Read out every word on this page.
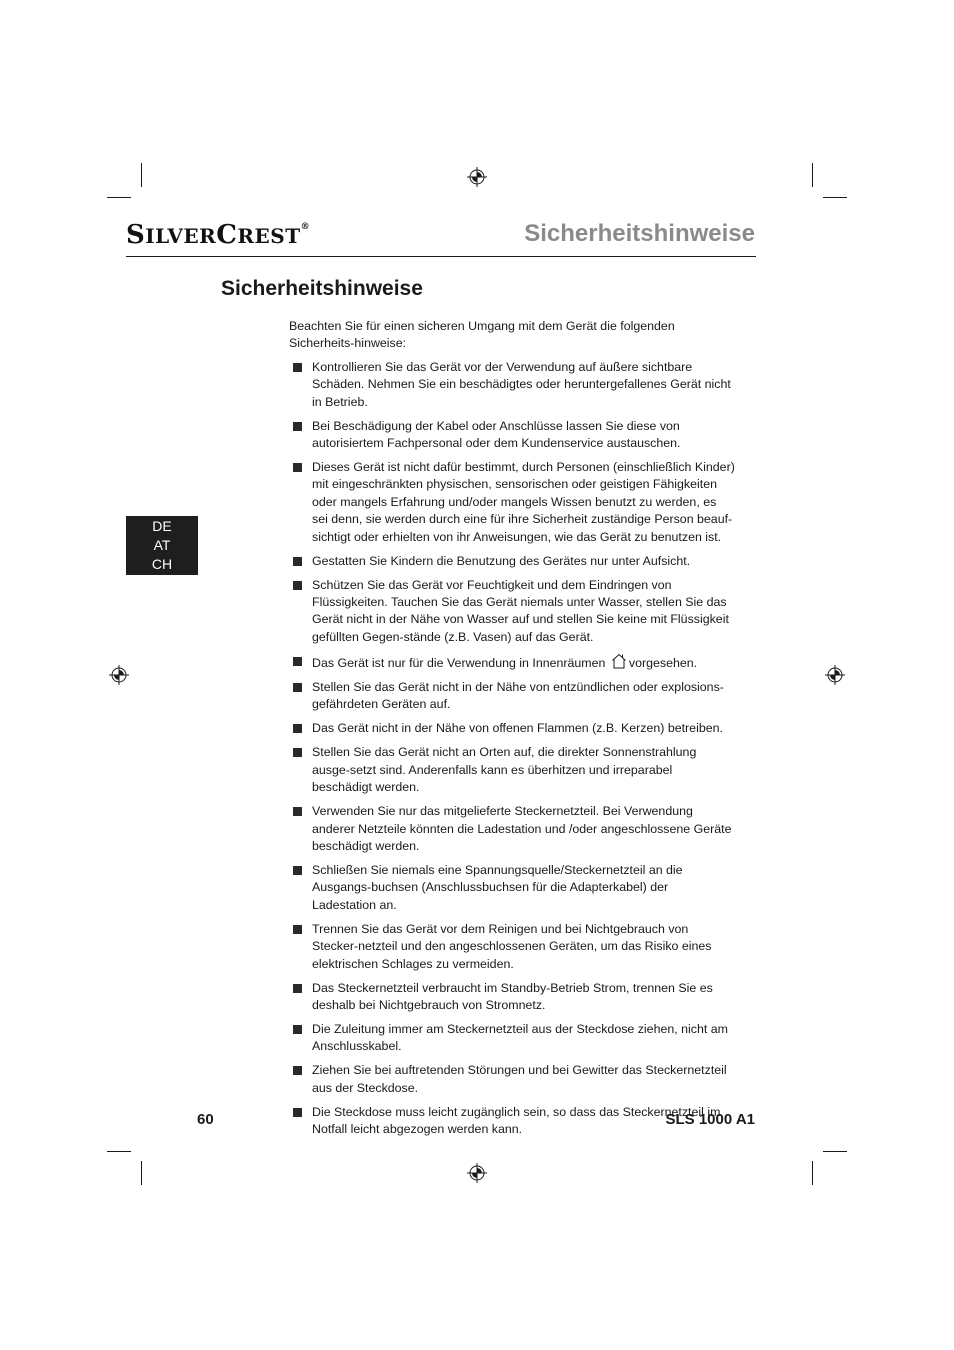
SILVERCREST®	Sicherheitshinweise
Sicherheitshinweise
DE
AT
CH

Beachten Sie für einen sicheren Umgang mit dem Gerät die folgenden Sicherheits-hinweise:

Kontrollieren Sie das Gerät vor der Verwendung auf äußere sichtbare Schäden. Nehmen Sie ein beschädigtes oder heruntergefallenes Gerät nicht in Betrieb.
Bei Beschädigung der Kabel oder Anschlüsse lassen Sie diese von autorisiertem Fachpersonal oder dem Kundenservice austauschen.
Dieses Gerät ist nicht dafür bestimmt, durch Personen (einschließlich Kinder) mit eingeschränkten physischen, sensorischen oder geistigen Fähigkeiten oder mangels Erfahrung und/oder mangels Wissen benutzt zu werden, es sei denn, sie werden durch eine für ihre Sicherheit zuständige Person beauf-sichtigt oder erhielten von ihr Anweisungen, wie das Gerät zu benutzen ist.
Gestatten Sie Kindern die Benutzung des Gerätes nur unter Aufsicht.
Schützen Sie das Gerät vor Feuchtigkeit und dem Eindringen von Flüssigkeiten. Tauchen Sie das Gerät niemals unter Wasser, stellen Sie das Gerät nicht in der Nähe von Wasser auf und stellen Sie keine mit Flüssigkeit gefüllten Gegen-stände (z.B. Vasen) auf das Gerät.
Das Gerät ist nur für die Verwendung in Innenräumen vorgesehen.
Stellen Sie das Gerät nicht in der Nähe von entzündlichen oder explosions-gefährdeten Geräten auf.
Das Gerät nicht in der Nähe von offenen Flammen (z.B. Kerzen) betreiben.
Stellen Sie das Gerät nicht an Orten auf, die direkter Sonnenstrahlung ausge-setzt sind. Anderenfalls kann es überhitzen und irreparabel beschädigt werden.
Verwenden Sie nur das mitgelieferte Steckernetzteil. Bei Verwendung anderer Netzteile könnten die Ladestation und /oder angeschlossene Geräte beschädigt werden.
Schließen Sie niemals eine Spannungsquelle/Steckernetzteil an die Ausgangs-buchsen (Anschlussbuchsen für die Adapterkabel) der Ladestation an.
Trennen Sie das Gerät vor dem Reinigen und bei Nichtgebrauch von Stecker-netzteil und den angeschlossenen Geräten, um das Risiko eines elektrischen Schlages zu vermeiden.
Das Steckernetzteil verbraucht im Standby-Betrieb Strom, trennen Sie es deshalb bei Nichtgebrauch von Stromnetz.
Die Zuleitung immer am Steckernetzteil aus der Steckdose ziehen, nicht am Anschlusskabel.
Ziehen Sie bei auftretenden Störungen und bei Gewitter das Steckernetzteil aus der Steckdose.
Die Steckdose muss leicht zugänglich sein, so dass das Steckernetzteil im Notfall leicht abgezogen werden kann.
60	SLS 1000 A1
